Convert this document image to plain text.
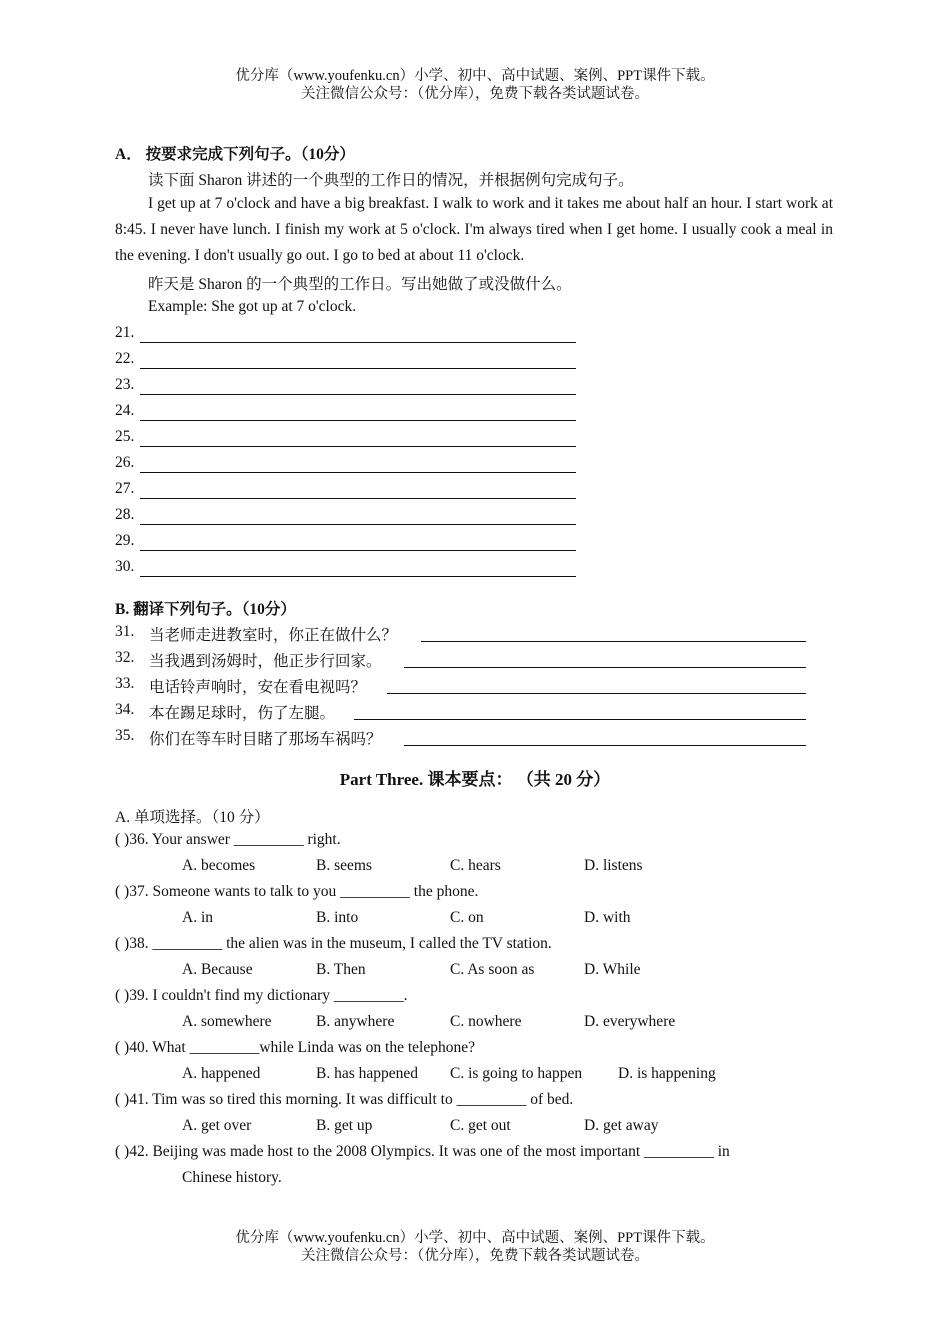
优分库（www.youfenku.cn）小学、初中、高中试题、案例、PPT课件下载。
关注微信公众号：（优分库），免费下载各类试题试卷。
A． 按要求完成下列句子。（10分）
读下面 Sharon 讲述的一个典型的工作日的情况，并根据例句完成句子。
I get up at 7 o'clock and have a big breakfast. I walk to work and it takes me about half an hour. I start work at 8:45. I never have lunch. I finish my work at 5 o'clock. I'm always tired when I get home. I usually cook a meal in the evening. I don't usually go out. I go to bed at about 11 o'clock.
昨天是 Sharon 的一个典型的工作日。写出她做了或没做什么。
Example: She got up at 7 o'clock.
21.
22.
23.
24.
25.
26.
27.
28.
29.
30.
B. 翻译下列句子。（10分）
31. 当老师走进教室时，你正在做什么？
32. 当我遇到汤姆时，他正步行回家。
33. 电话铃声响时，安在看电视吗？
34. 本在踢足球时，伤了左腿。
35. 你们在等车时目睹了那场车祸吗？
Part Three. 课本要点： （共 20 分）
A. 单项选择。（10 分）
( )36. Your answer _________ right.
A. becomes	B. seems	C. hears	D. listens
( )37. Someone wants to talk to you _________ the phone.
A. in	B. into	C. on	D. with
( )38. _________ the alien was in the museum, I called the TV station.
A. Because	B. Then	C. As soon as	D. While
( )39. I couldn't find my dictionary _________.
A. somewhere	B. anywhere	C. nowhere	D. everywhere
( )40. What _________while Linda was on the telephone?
A. happened	B. has happened C. is going to happen D. is happening
( )41. Tim was so tired this morning. It was difficult to _________ of bed.
A. get over	B. get up	C. get out	D. get away
( )42. Beijing was made host to the 2008 Olympics. It was one of the most important _________ in
Chinese history.
优分库（www.youfenku.cn）小学、初中、高中试题、案例、PPT课件下载。
关注微信公众号：（优分库），免费下载各类试题试卷。
